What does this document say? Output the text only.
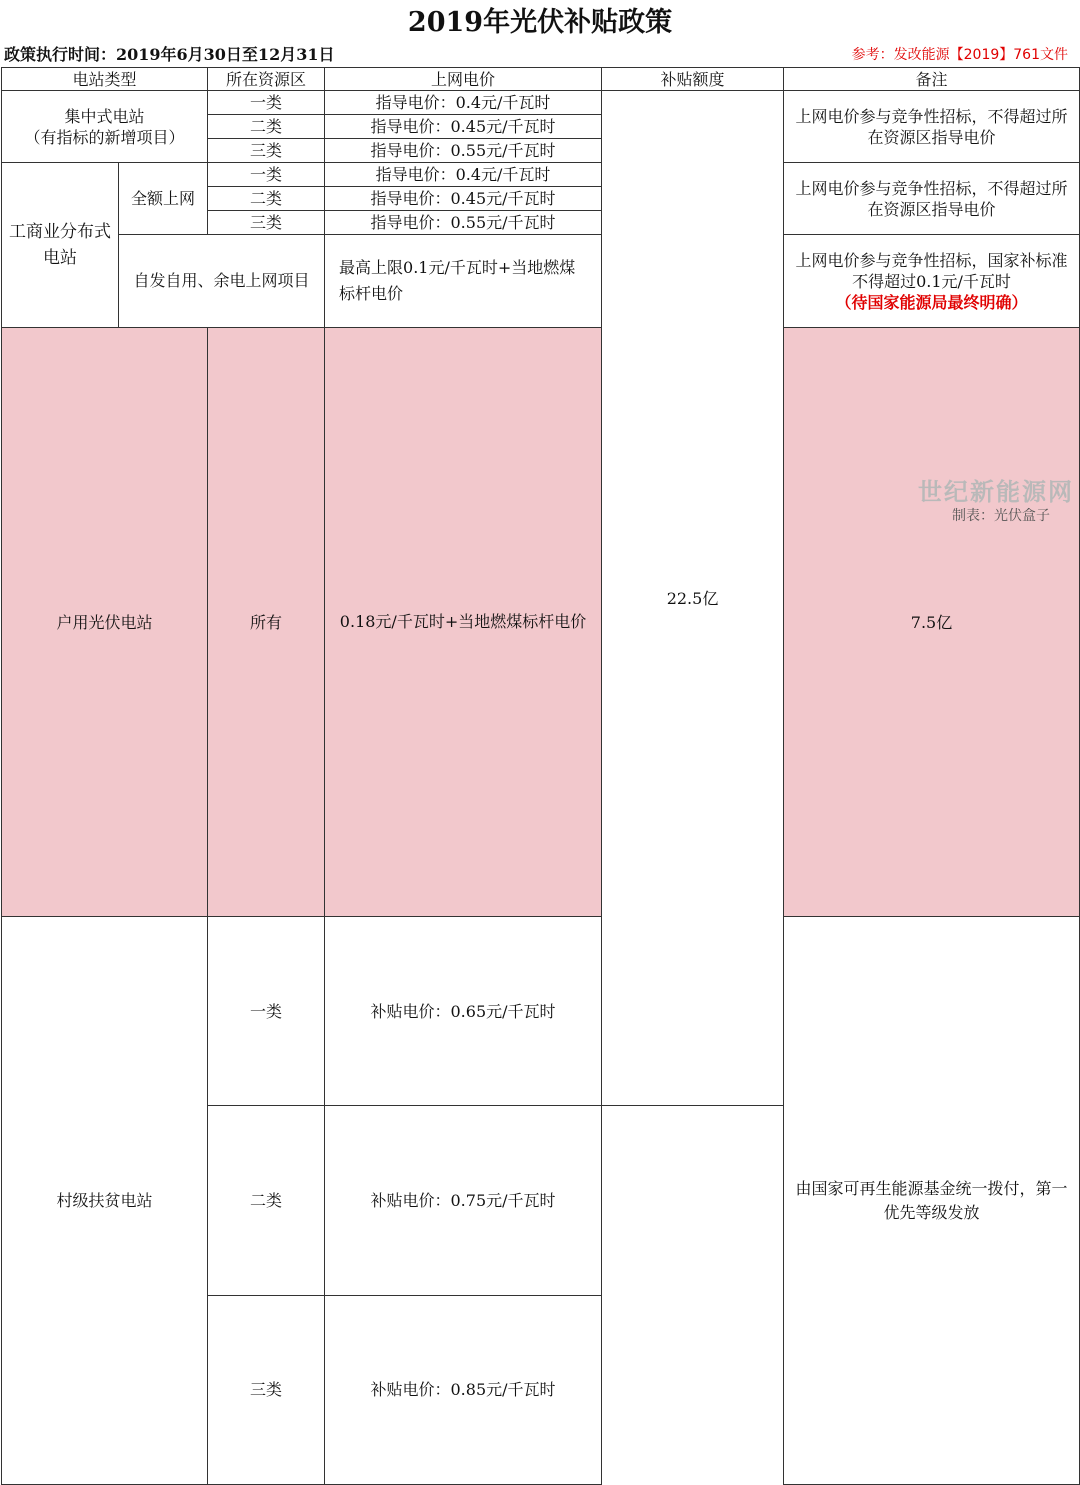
2019年光伏补贴政策
政策执行时间：2019年6月30日至12月31日	参考：发改能源【2019】761文件
电站类型		所在资源区	上网电价	补贴额度	备注	

集中式电站
（有指标的新增项目）		一类	指导电价：0.4元/千瓦时	22.5亿	上网电价参与竞争性招标，不得超过所在资源区指导电价	
		二类	指导电价：0.45元/千瓦时			
		三类	指导电价：0.55元/千瓦时			
工商业分布式电站	全额上网	一类	指导电价：0.4元/千瓦时		上网电价参与竞争性招标，不得超过所在资源区指导电价	
		二类	指导电价：0.45元/千瓦时			
		三类	指导电价：0.55元/千瓦时			
	自发自用、余电上网项目		最高上限0.1元/千瓦时+当地燃煤标杆电价		上网电价参与竞争性招标，国家补标准不得超过0.1元/千瓦时
（待国家能源局最终明确）	
户用光伏电站		所有	0.18元/千瓦时+当地燃煤标杆电价		7.5亿	
村级扶贫电站		一类	补贴电价：0.65元/千瓦时		由国家可再生能源基金统一拨付，第一优先等级发放	
		二类	补贴电价：0.75元/千瓦时			
		三类	补贴电价：0.85元/千瓦时			
世纪新能源网
制表：光伏盒子
